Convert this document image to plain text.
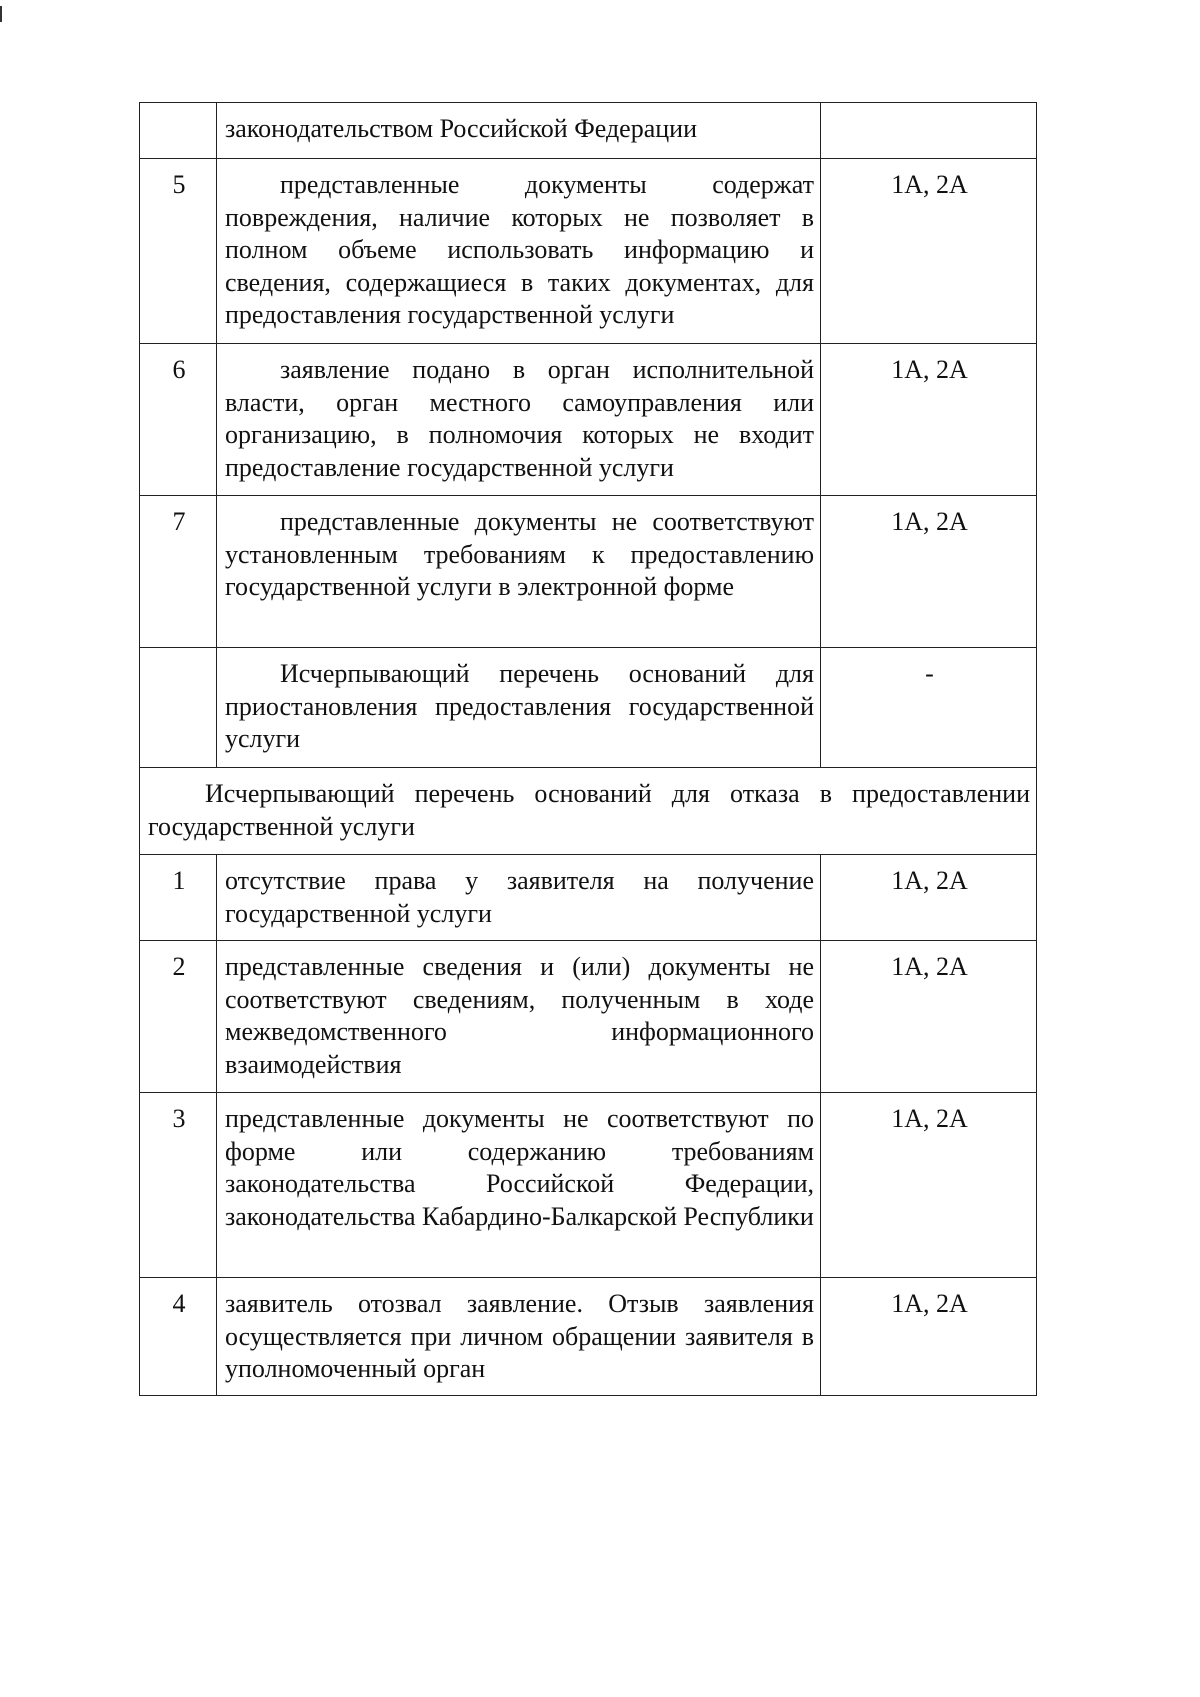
	законодательством Российской Федерации	

5	представленные документы содержат повреждения, наличие которых не позволяет в полном объеме использовать информацию и сведения, содержащиеся в таких документах, для предоставления государственной услуги	1А, 2А
6	заявление подано в орган исполнительной власти, орган местного самоуправления или организацию, в полномочия которых не входит предоставление государственной услуги	1А, 2А
7	представленные документы не соответствуют установленным требованиям к предоставлению государственной услуги в электронной форме	1А, 2А

	Исчерпывающий перечень оснований для приостановления предоставления государственной услуги	-

Исчерпывающий перечень оснований для отказа в предоставлении государственной услуги		

1	отсутствие права у заявителя на получение государственной услуги	1А, 2А
2	представленные сведения и (или) документы не соответствуют сведениям, полученным в ходе межведомственного информационного взаимодействия	1А, 2А
3	представленные документы не соответствуют по форме или содержанию требованиям законодательства Российской Федерации, законодательства Кабардино-Балкарской Республики	1А, 2А
4	заявитель отозвал заявление. Отзыв заявления осуществляется при личном обращении заявителя в уполномоченный орган	1А, 2А
